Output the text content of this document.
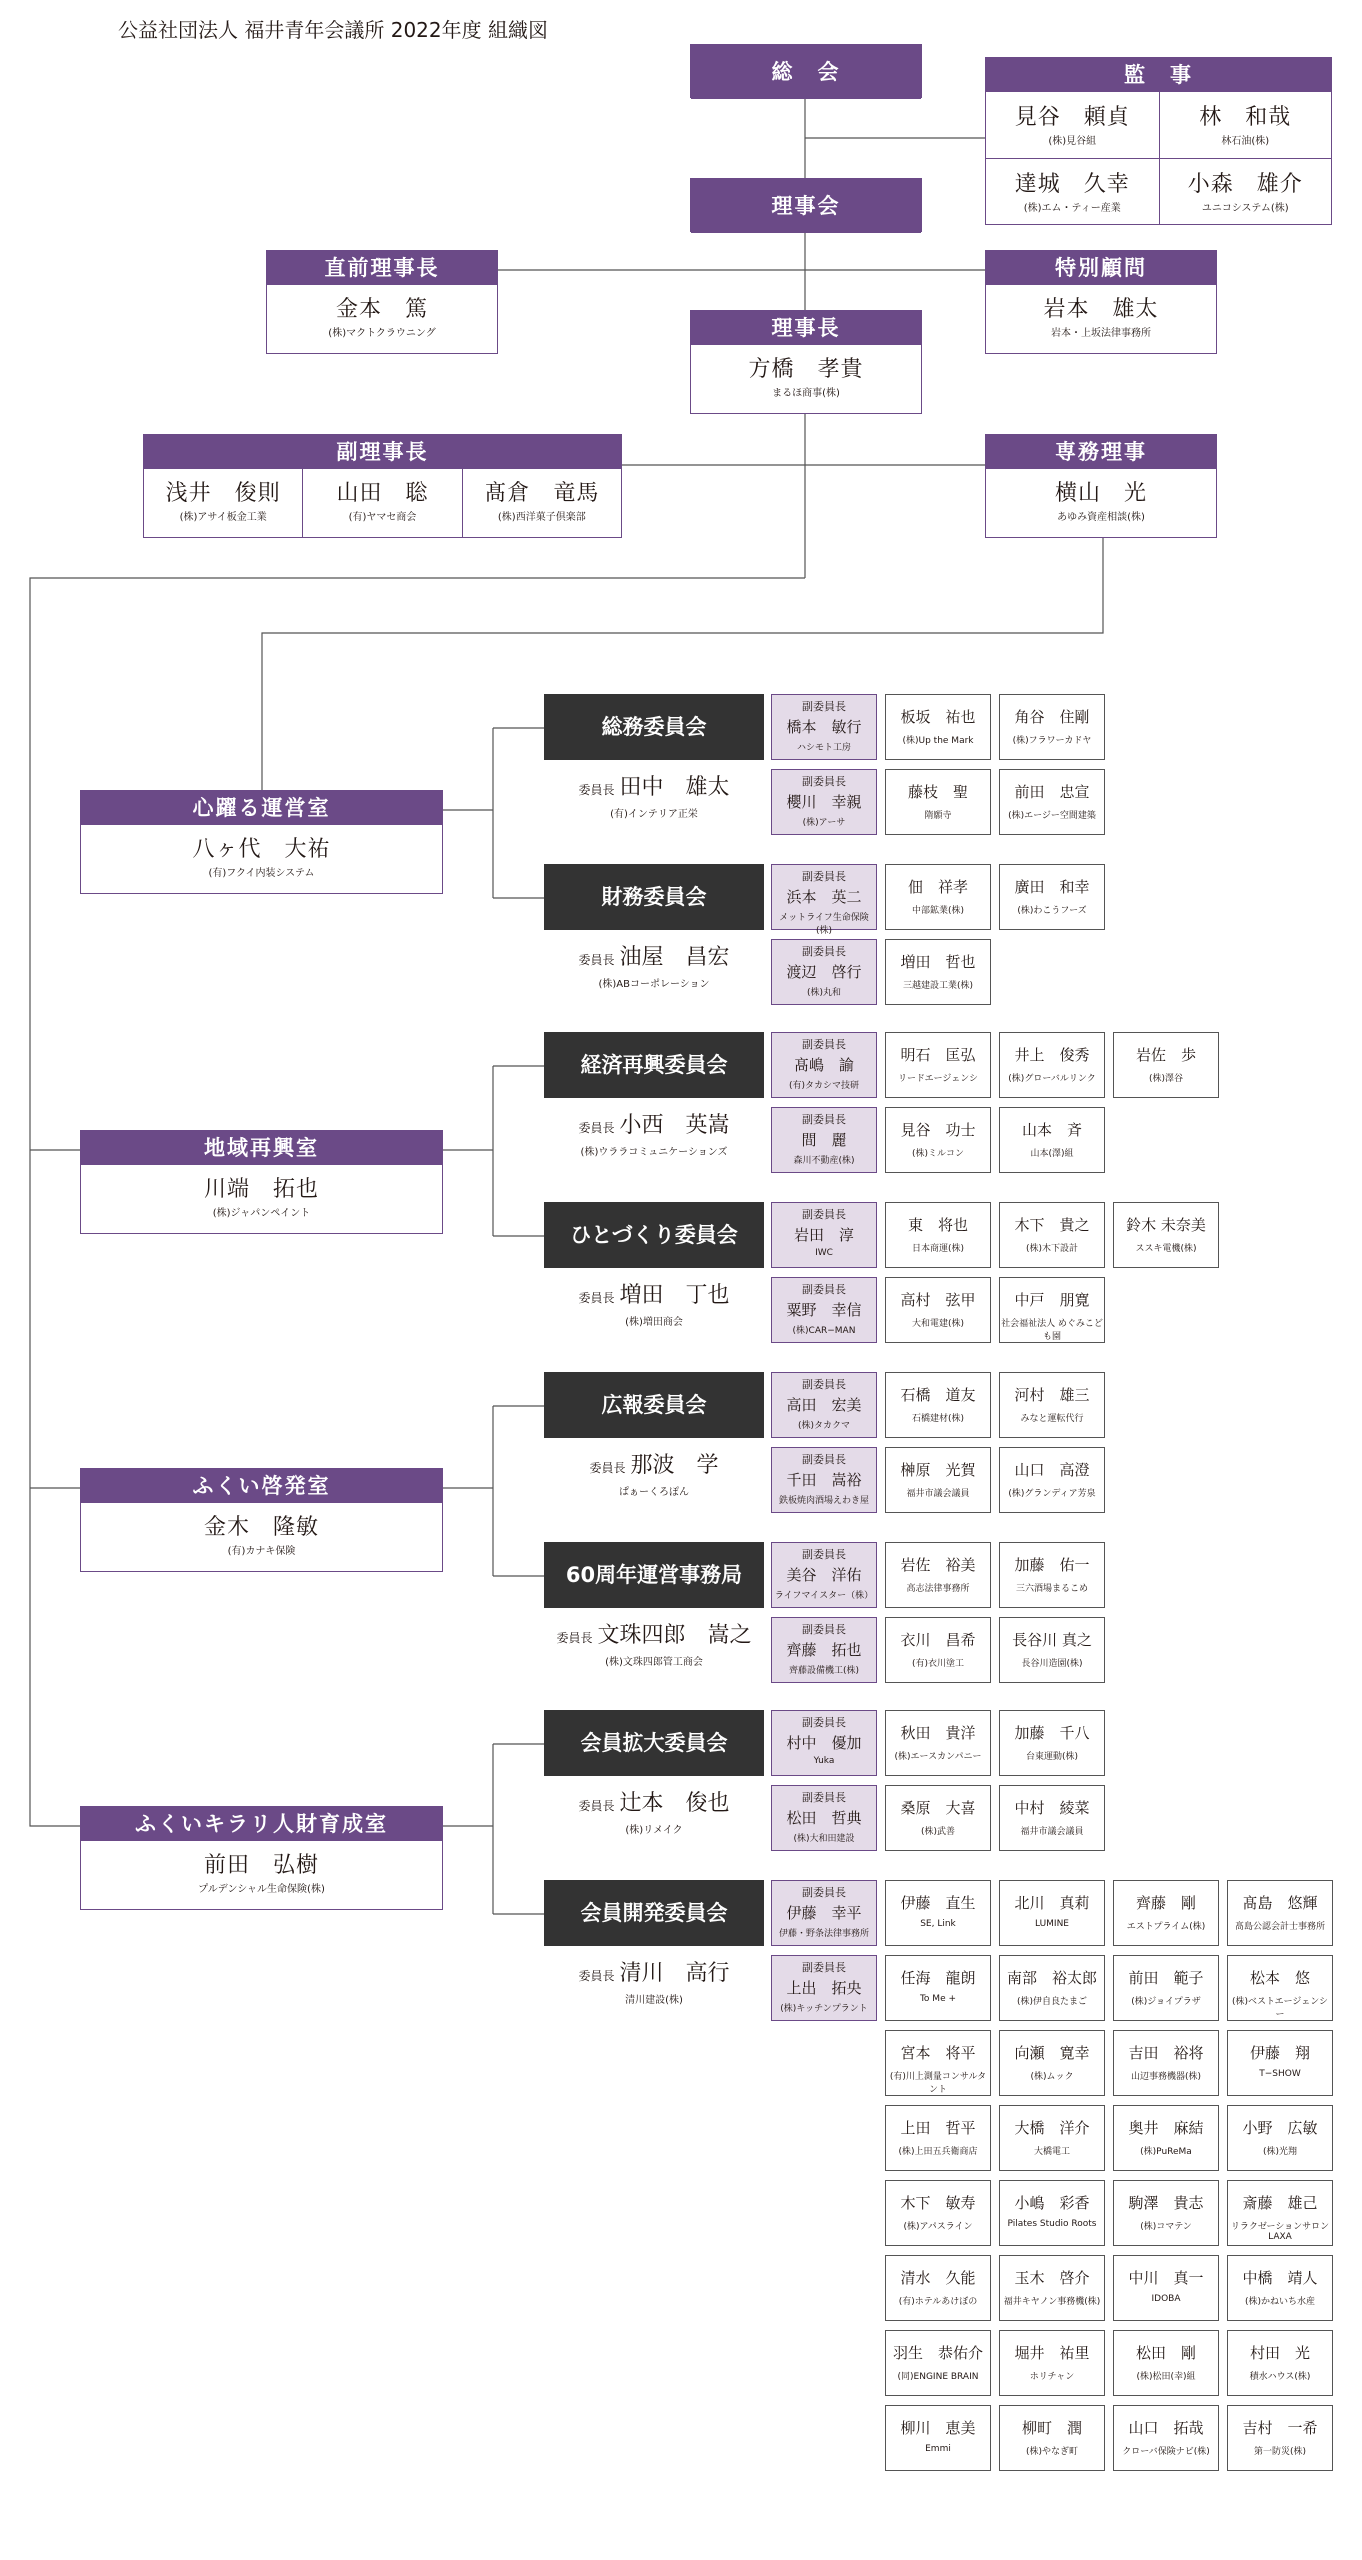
公益社団法人 福井青年会議所 2022年度 組織図
総　会
理事会
監　事
見谷　頼貞
(株)見谷組
林　和哉
林石油(株)
達城　久幸
(株)エム・ティー産業
小森　雄介
ユニコシステム(株)
直前理事長
金本　篤
(株)マクトクラウニング
特別顧問
岩本　雄太
岩本・上坂法律事務所
理事長
方橋　孝貴
まるほ商事(株)
副理事長
浅井　俊則
(株)アサイ板金工業
山田　聡
(有)ヤマセ商会
髙倉　竜馬
(株)西洋菓子倶楽部
専務理事
横山　光
あゆみ資産相談(株)
心躍る運営室
八ヶ代　大祐
(有)フクイ内装システム
地域再興室
川端　拓也
(株)ジャパンペイント
ふくい啓発室
金木　隆敏
(有)カナキ保険
ふくいキラリ人財育成室
前田　弘樹
プルデンシャル生命保険(株)
総務委員会
委員長 田中　雄太
(有)インテリア正栄
副委員長
橋本　敏行
ハシモト工房
副委員長
櫻川　幸親
(株)アーサ
板坂　祐也
(株)Up the Mark
角谷　住剛
(株)フラワーカドヤ
藤枝　聖
隋願寺
前田　忠宣
(株)エージー空間建築
財務委員会
委員長 油屋　昌宏
(株)ABコーポレーション
副委員長
浜本　英二
メットライフ生命保険(株)
副委員長
渡辺　啓行
(株)丸和
佃　祥孝
中部鉱業(株)
廣田　和幸
(株)わこうフーズ
増田　哲也
三越建設工業(株)
経済再興委員会
委員長 小西　英嵩
(株)ウララコミュニケーションズ
副委員長
髙嶋　諭
(有)タカシマ技研
副委員長
間　麗
森川不動産(株)
明石　匡弘
リードエージェンシ
井上　俊秀
(株)グローバルリンク
岩佐　歩
(株)澤谷
見谷　功士
(株)ミルコン
山本　斉
山本(澤)組
ひとづくり委員会
委員長 増田　丁也
(株)増田商会
副委員長
岩田　淳
IWC
副委員長
粟野　幸信
(株)CAR−MAN
東　将也
日本商運(株)
木下　貴之
(株)木下設計
鈴木 未奈美
ススキ電機(株)
高村　弦甲
大和電建(株)
中戸　朋寛
社会福祉法人 めぐみこども園
広報委員会
委員長 那波　学
ぱぁーくろぽん
副委員長
高田　宏美
(株)タカクマ
副委員長
千田　嵩裕
鉄板焼肉酒場えわき屋
石橋　道友
石橋建材(株)
河村　雄三
みなと運転代行
榊原　光賀
福井市議会議員
山口　高澄
(株)グランディア芳泉
60周年運営事務局
委員長 文珠四郎　嵩之
(株)文珠四郎管工商会
副委員長
美谷　洋佑
ライフマイスター（株）
副委員長
齊藤　拓也
齊藤設備機工(株)
岩佐　裕美
高志法律事務所
加藤　佑一
三六酒場まるこめ
衣川　昌希
(有)衣川塗工
長谷川 真之
長谷川造園(株)
会員拡大委員会
委員長 辻本　俊也
(株)リメイク
副委員長
村中　優加
Yuka
副委員長
松田　哲典
(株)大和田建設
秋田　貴洋
(株)エースカンパニー
加藤　千八
台東運動(株)
桑原　大喜
(株)武善
中村　綾菜
福井市議会議員
会員開発委員会
委員長 清川　高行
清川建設(株)
副委員長
伊藤　幸平
伊藤・野条法律事務所
副委員長
上出　拓央
(株)キッチンプラント
伊藤　直生
SE, Link
北川　真莉
LUMINE
齊藤　剛
エストプライム(株)
髙島　悠輝
髙島公認会計士事務所
任海　龍朗
To Me +
南部　裕太郎
(株)伊自良たまご
前田　範子
(株)ジョイプラザ
松本　悠
(株)ベストエージェンシー
宮本　将平
(有)川上測量コンサルタント
向瀬　寛幸
(株)ムック
吉田　裕将
山辺事務機器(株)
伊藤　翔
T−SHOW
上田　哲平
(株)上田五兵衛商店
大橋　洋介
大橋電工
奥井　麻結
(株)PuReMa
小野　広敏
(株)光翔
木下　敏寿
(株)アパスライン
小嶋　彩香
Pilates Studio Roots
駒澤　貴志
(株)コマテン
斎藤　雄己
リラクゼーションサロンLAXA
清水　久能
(有)ホテルあけぼの
玉木　啓介
福井キヤノン事務機(株)
中川　真一
IDOBA
中橋　靖人
(株)かねいち水産
羽生　恭佑介
(同)ENGINE BRAIN
堀井　祐里
ホリチャン
松田　剛
(株)松田(幸)組
村田　光
積水ハウス(株)
柳川　恵美
Emmi
柳町　潤
(株)やなぎ町
山口　拓哉
クローバ保険ナビ(株)
吉村　一希
第一防災(株)
